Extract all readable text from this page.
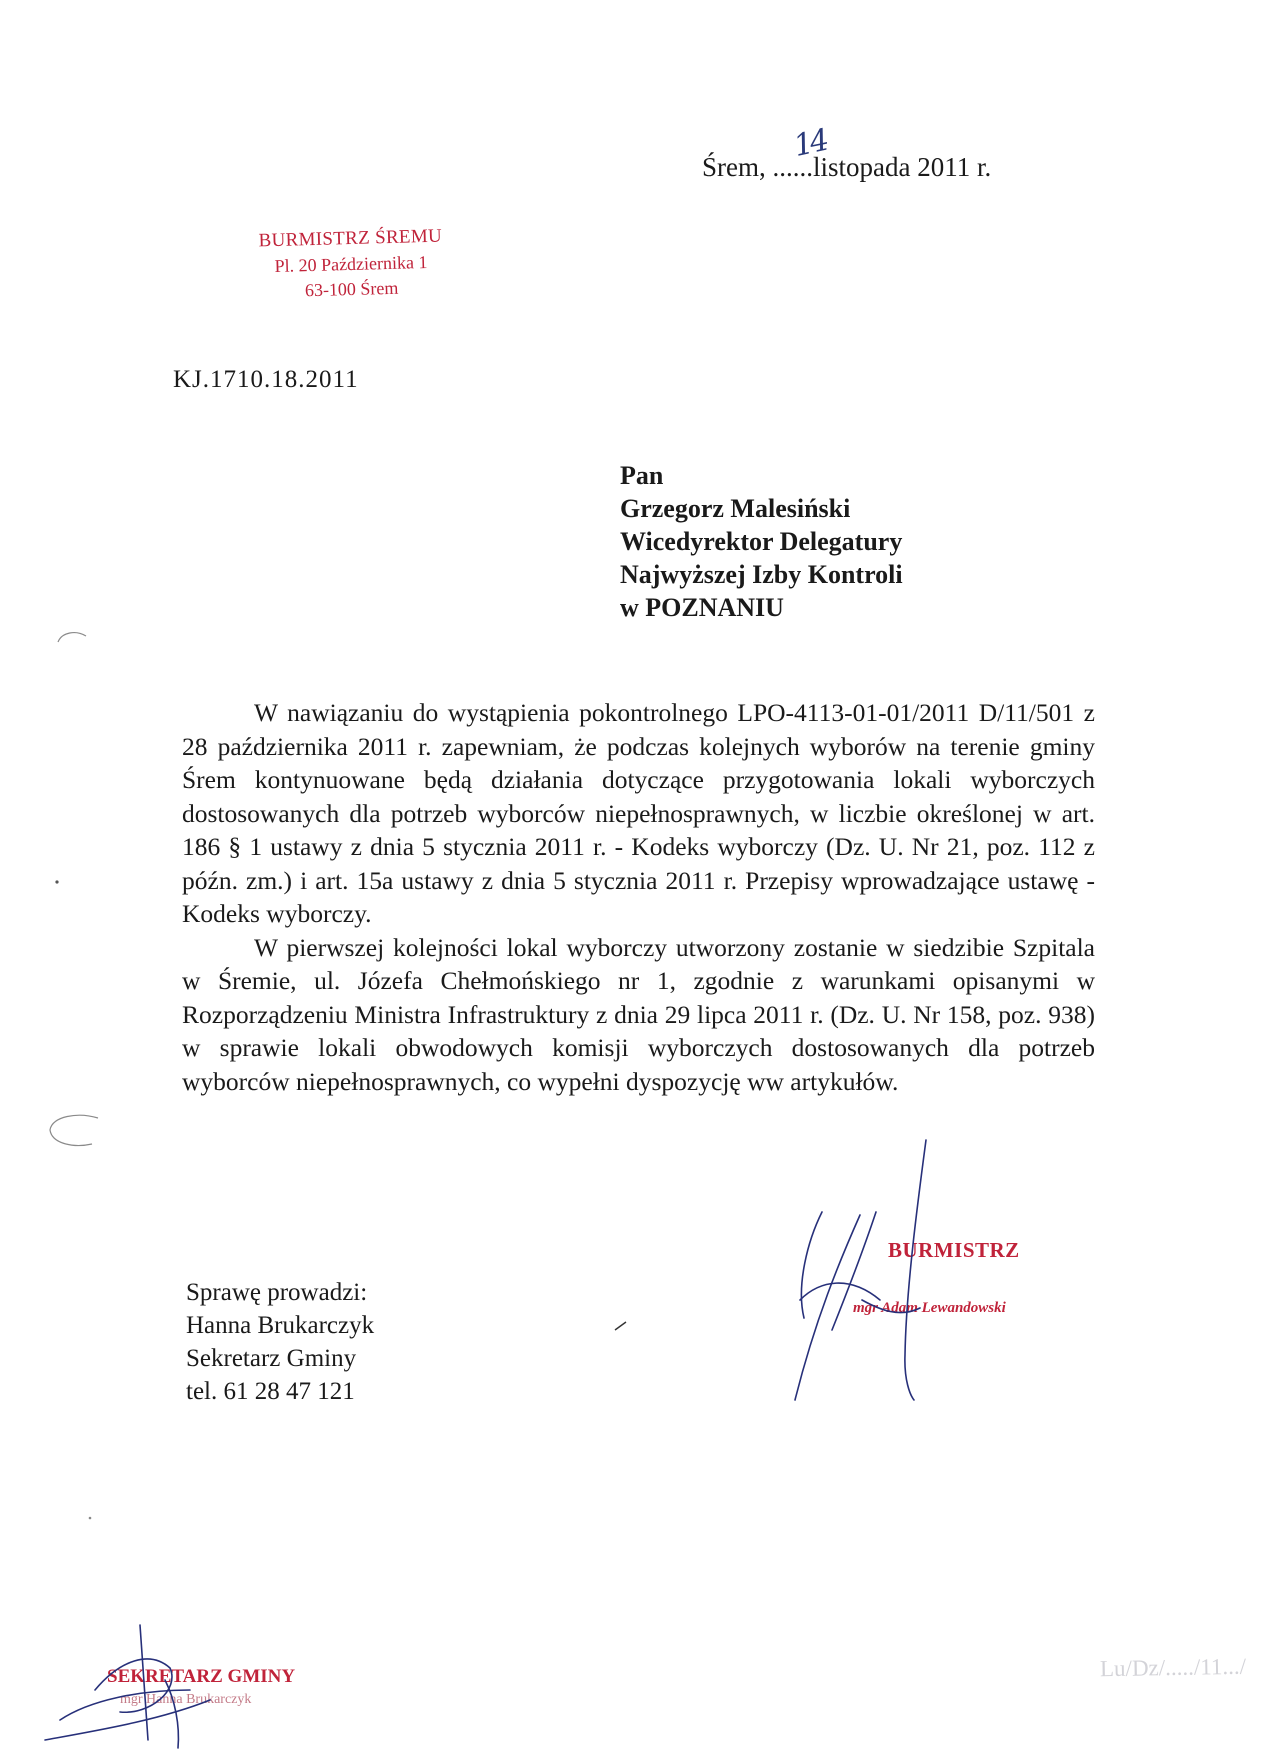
Śrem, ......listopada 2011 r.
14
BURMISTRZ ŚREMU
Pl. 20 Października 1
63-100 Śrem
KJ.1710.18.2011
Pan
Grzegorz Malesiński
Wicedyrektor Delegatury
Najwyższej Izby Kontroli
w POZNANIU

W nawiązaniu do wystąpienia pokontrolnego LPO-4113-01-01/2011 D/11/501 z 28 października 2011 r. zapewniam, że podczas kolejnych wyborów na terenie gminy Śrem kontynuowane będą działania dotyczące przygotowania lokali wyborczych dostosowanych dla potrzeb wyborców niepełnosprawnych, w liczbie określonej w art. 186 § 1 ustawy z dnia 5 stycznia 2011 r. - Kodeks wyborczy (Dz. U. Nr 21, poz. 112 z późn. zm.) i art. 15a ustawy z dnia 5 stycznia 2011 r. Przepisy wprowadzające ustawę - Kodeks wyborczy.

W pierwszej kolejności lokal wyborczy utworzony zostanie w siedzibie Szpitala w Śremie, ul. Józefa Chełmońskiego nr 1, zgodnie z warunkami opisanymi w Rozporządzeniu Ministra Infrastruktury z dnia 29 lipca 2011 r. (Dz. U. Nr 158, poz. 938) w sprawie lokali obwodowych komisji wyborczych dostosowanych dla potrzeb wyborców niepełnosprawnych, co wypełni dyspozycję ww artykułów.

BURMISTRZ
mgr Adam Lewandowski
Sprawę prowadzi:
Hanna Brukarczyk
Sekretarz Gminy
tel. 61 28 47 121
SEKRETARZ GMINY
mgr Hanna Brukarczyk
Lu/Dz/...../11.../
